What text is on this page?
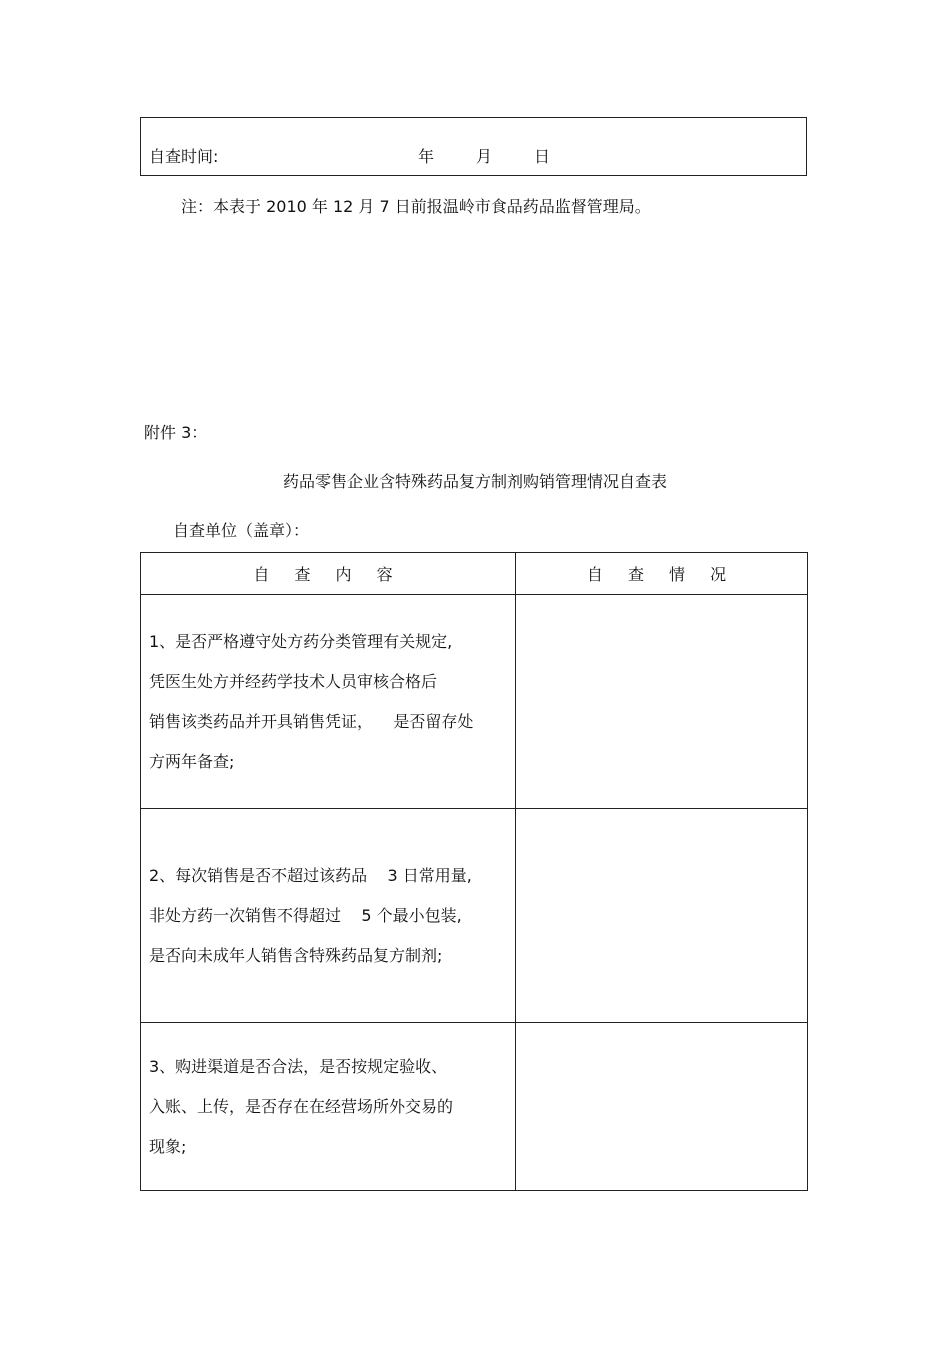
自查时间:	年	月	日
注：本表于 2010 年 12 月 7 日前报温岭市食品药品监督管理局。
附件 3：
药品零售企业含特殊药品复方制剂购销管理情况自查表
自查单位（盖章）：
自 查 内 容	自 查 情 况

1、是否严格遵守处方药分类管理有关规定,
凭医生处方并经药学技术人员审核合格后
销售该类药品并开具销售凭证，    是否留存处
方两年备查;	

2、每次销售是否不超过该药品    3 日常用量,
非处方药一次销售不得超过    5 个最小包装,
是否向未成年人销售含特殊药品复方制剂;	

3、购进渠道是否合法，是否按规定验收、
入账、上传，是否存在在经营场所外交易的
现象;	
